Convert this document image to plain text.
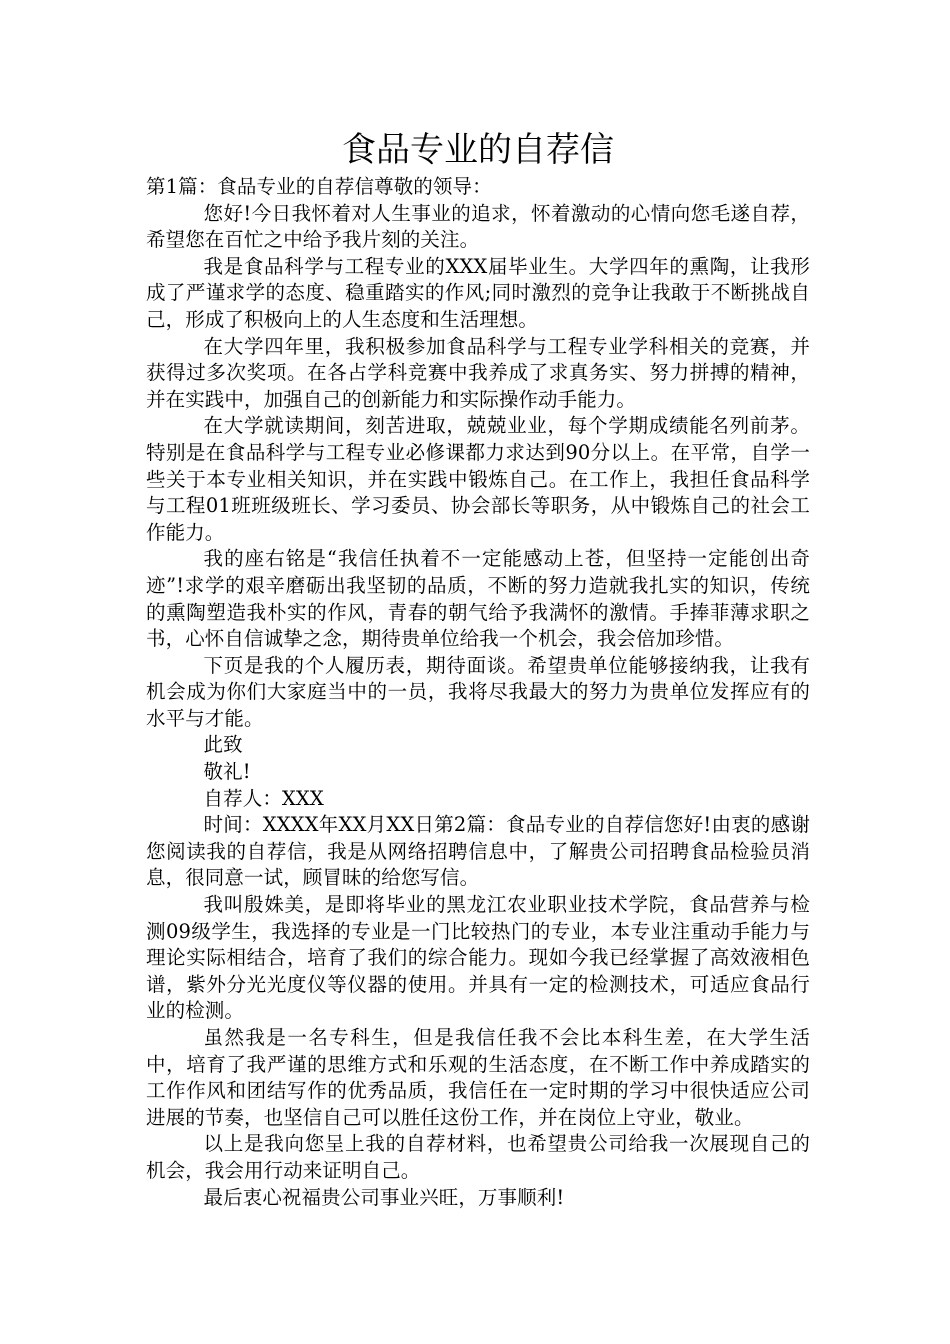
食品专业的自荐信

第1篇：食品专业的自荐信尊敬的领导：

您好!今日我怀着对人生事业的追求，怀着激动的心情向您毛遂自荐，希望您在百忙之中给予我片刻的关注。

我是食品科学与工程专业的XXX届毕业生。大学四年的熏陶，让我形成了严谨求学的态度、稳重踏实的作风;同时激烈的竞争让我敢于不断挑战自己，形成了积极向上的人生态度和生活理想。

在大学四年里，我积极参加食品科学与工程专业学科相关的竞赛，并获得过多次奖项。在各占学科竞赛中我养成了求真务实、努力拼搏的精神，并在实践中，加强自己的创新能力和实际操作动手能力。

在大学就读期间，刻苦进取，兢兢业业，每个学期成绩能名列前茅。特别是在食品科学与工程专业必修课都力求达到90分以上。在平常，自学一些关于本专业相关知识，并在实践中锻炼自己。在工作上，我担任食品科学与工程01班班级班长、学习委员、协会部长等职务，从中锻炼自己的社会工作能力。

我的座右铭是“我信任执着不一定能感动上苍，但坚持一定能创出奇迹”!求学的艰辛磨砺出我坚韧的品质，不断的努力造就我扎实的知识，传统的熏陶塑造我朴实的作风，青春的朝气给予我满怀的激情。手捧菲薄求职之书，心怀自信诚挚之念，期待贵单位给我一个机会，我会倍加珍惜。

下页是我的个人履历表，期待面谈。希望贵单位能够接纳我，让我有机会成为你们大家庭当中的一员，我将尽我最大的努力为贵单位发挥应有的水平与才能。

此致

敬礼!

自荐人：XXX

时间：XXXX年XX月XX日第2篇：食品专业的自荐信您好!由衷的感谢您阅读我的自荐信，我是从网络招聘信息中，了解贵公司招聘食品检验员消息，很同意一试，顾冒昧的给您写信。

我叫殷姝美，是即将毕业的黑龙江农业职业技术学院，食品营养与检测09级学生，我选择的专业是一门比较热门的专业，本专业注重动手能力与理论实际相结合，培育了我们的综合能力。现如今我已经掌握了高效液相色谱，紫外分光光度仪等仪器的使用。并具有一定的检测技术，可适应食品行业的检测。

虽然我是一名专科生，但是我信任我不会比本科生差，在大学生活中，培育了我严谨的思维方式和乐观的生活态度，在不断工作中养成踏实的工作作风和团结写作的优秀品质，我信任在一定时期的学习中很快适应公司进展的节奏，也坚信自己可以胜任这份工作，并在岗位上守业，敬业。

以上是我向您呈上我的自荐材料，也希望贵公司给我一次展现自己的机会，我会用行动来证明自己。

最后衷心祝福贵公司事业兴旺，万事顺利!
